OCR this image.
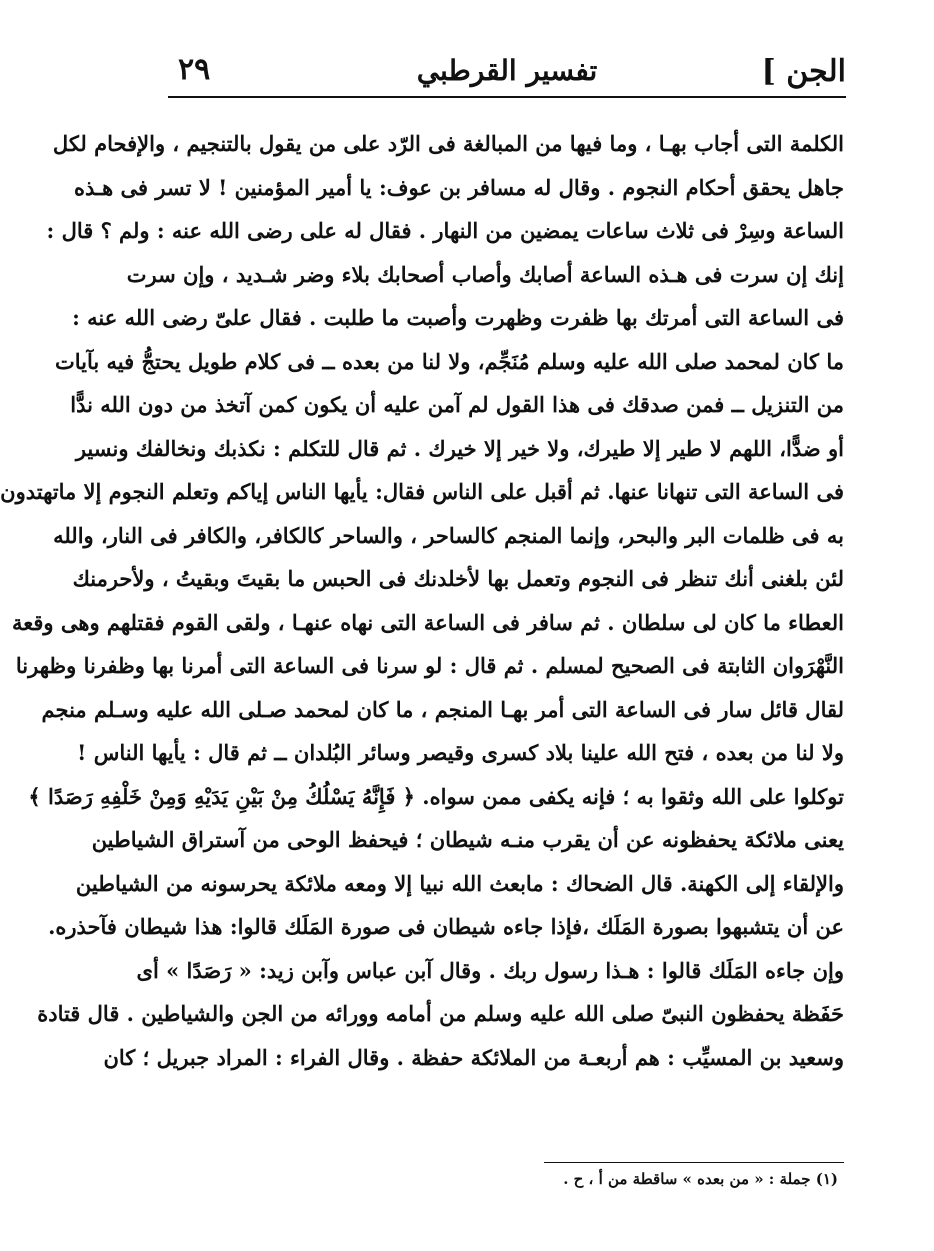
الجن ]
تفسير القرطبي
٢٩
الكلمة التى أجاب بهـا ، وما فيها من المبالغة فى الرّد على من يقول بالتنجيم ، والإفحام لكل
جاهل يحقق أحكام النجوم . وقال له مسافر بن عوف: يا أمير المؤمنين ! لا تسر فى هـذه
الساعة وسِرْ فى ثلاث ساعات يمضين من النهار . فقال له على رضى الله عنه : ولم ؟ قال :
إنك إن سرت فى هـذه الساعة أصابك وأصاب أصحابك بلاء وضر شـديد ، وإن سرت
فى الساعة التى أمرتك بها ظفرت وظهرت وأصبت ما طلبت . فقال علىّ رضى الله عنه :
ما كان لمحمد صلى الله عليه وسلم مُنَجِّم، ولا لنا من بعده ــ فى كلام طويل يحتجُّ فيه بآيات
من التنزيل ــ فمن صدقك فى هذا القول لم آمن عليه أن يكون كمن آتخذ من دون الله ندًّا
أو ضدًّا، اللهم لا طير إلا طيرك، ولا خير إلا خيرك . ثم قال للتكلم : نكذبك ونخالفك ونسير
فى الساعة التى تنهانا عنها. ثم أقبل على الناس فقال: يأيها الناس إياكم وتعلم النجوم إلا ماتهتدون
به فى ظلمات البر والبحر، وإنما المنجم كالساحر ، والساحر كالكافر، والكافر فى النار، والله
لئن بلغنى أنك تنظر فى النجوم وتعمل بها لأخلدنك فى الحبس ما بقيتَ وبقيتُ ، ولأحرمنك
العطاء ما كان لى سلطان . ثم سافر فى الساعة التى نهاه عنهـا ، ولقى القوم فقتلهم وهى وقعة
النَّهْرَوان الثابتة فى الصحيح لمسلم . ثم قال : لو سرنا فى الساعة التى أمرنا بها وظفرنا وظهرنا
لقال قائل سار فى الساعة التى أمر بهـا المنجم ، ما كان لمحمد صـلى الله عليه وسـلم منجم
ولا لنا من بعده ، فتح الله علينا بلاد كسرى وقيصر وسائر البُلدان ــ ثم قال : يأيها الناس !
توكلوا على الله وثقوا به ؛ فإنه يكفى ممن سواه. ﴿ فَإِنَّهُ يَسْلُكُ مِنْ بَيْنِ يَدَيْهِ وَمِنْ خَلْفِهِ رَصَدًا ﴾
يعنى ملائكة يحفظونه عن أن يقرب منـه شيطان ؛ فيحفظ الوحى من آستراق الشياطين
والإلقاء إلى الكهنة. قال الضحاك : مابعث الله نبيا إلا ومعه ملائكة يحرسونه من الشياطين
عن أن يتشبهوا بصورة المَلَك ،فإذا جاءه شيطان فى صورة المَلَك قالوا: هذا شيطان فآحذره.
وإن جاءه المَلَك قالوا : هـذا رسول ربك . وقال آبن عباس وآبن زيد: « رَصَدًا » أى
حَفَظة يحفظون النبىّ صلى الله عليه وسلم من أمامه وورائه من الجن والشياطين . قال قتادة
وسعيد بن المسيِّب : هم أربعـة من الملائكة حفظة . وقال الفراء : المراد جبريل ؛ كان
(١) جملة : « من بعده » ساقطة من أ ، ح .
